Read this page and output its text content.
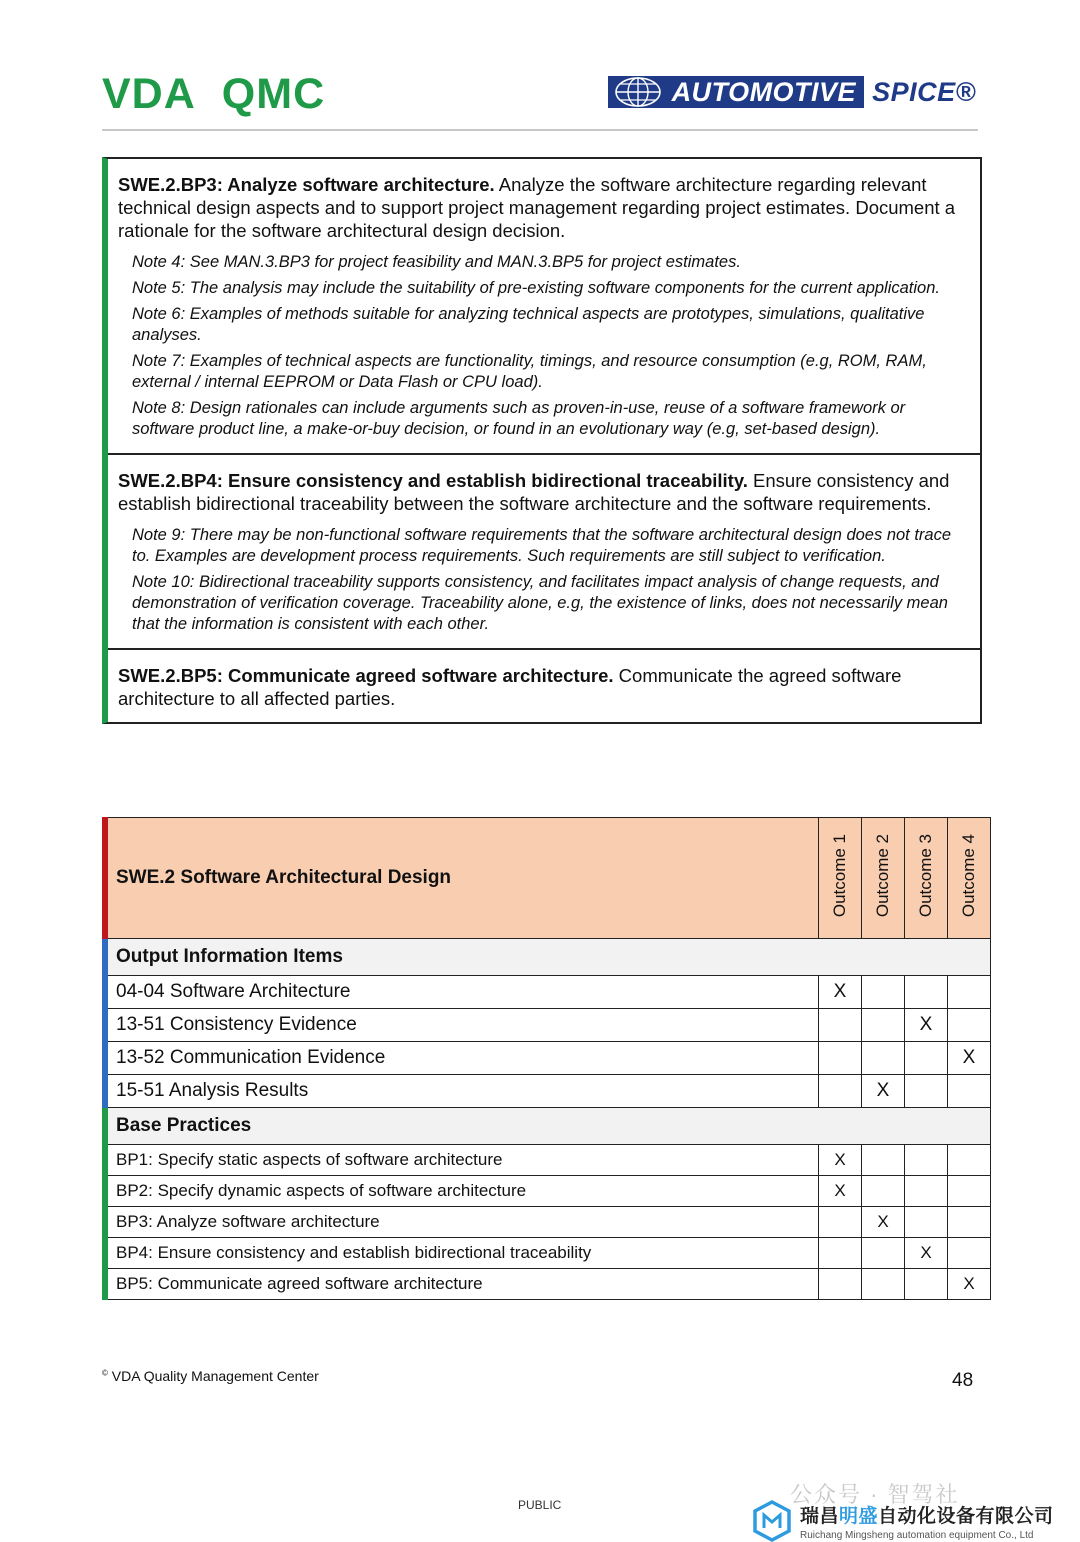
VDA QMC	AUTOMOTIVE SPICE®

SWE.2.BP3: Analyze software architecture. Analyze the software architecture regarding relevant technical design aspects and to support project management regarding project estimates. Document a rationale for the software architectural design decision.

Note 4: See MAN.3.BP3 for project feasibility and MAN.3.BP5 for project estimates.

Note 5: The analysis may include the suitability of pre-existing software components for the current application.

Note 6: Examples of methods suitable for analyzing technical aspects are prototypes, simulations, qualitative analyses.

Note 7: Examples of technical aspects are functionality, timings, and resource consumption (e.g, ROM, RAM, external / internal EEPROM or Data Flash or CPU load).

Note 8: Design rationales can include arguments such as proven-in-use, reuse of a software framework or software product line, a make-or-buy decision, or found in an evolutionary way (e.g, set-based design).

SWE.2.BP4: Ensure consistency and establish bidirectional traceability. Ensure consistency and establish bidirectional traceability between the software architecture and the software requirements.

Note 9: There may be non-functional software requirements that the software architectural design does not trace to. Examples are development process requirements. Such requirements are still subject to verification.

Note 10: Bidirectional traceability supports consistency, and facilitates impact analysis of change requests, and demonstration of verification coverage. Traceability alone, e.g, the existence of links, does not necessarily mean that the information is consistent with each other.

SWE.2.BP5: Communicate agreed software architecture. Communicate the agreed software architecture to all affected parties.

SWE.2 Software Architectural Design	Outcome 1	Outcome 2	Outcome 3	Outcome 4
Output Information Items				
04-04 Software Architecture	X			
13-51 Consistency Evidence			X	
13-52 Communication Evidence				X
15-51 Analysis Results		X		
Base Practices				
BP1: Specify static aspects of software architecture	X			
BP2: Specify dynamic aspects of software architecture	X			
BP3: Analyze software architecture		X		
BP4: Ensure consistency and establish bidirectional traceability			X	
BP5: Communicate agreed software architecture				X
© VDA Quality Management Center	48
PUBLIC	公众号 · 智驾社
瑞昌明盛自动化设备有限公司
Ruichang Mingsheng automation equipment Co., Ltd
